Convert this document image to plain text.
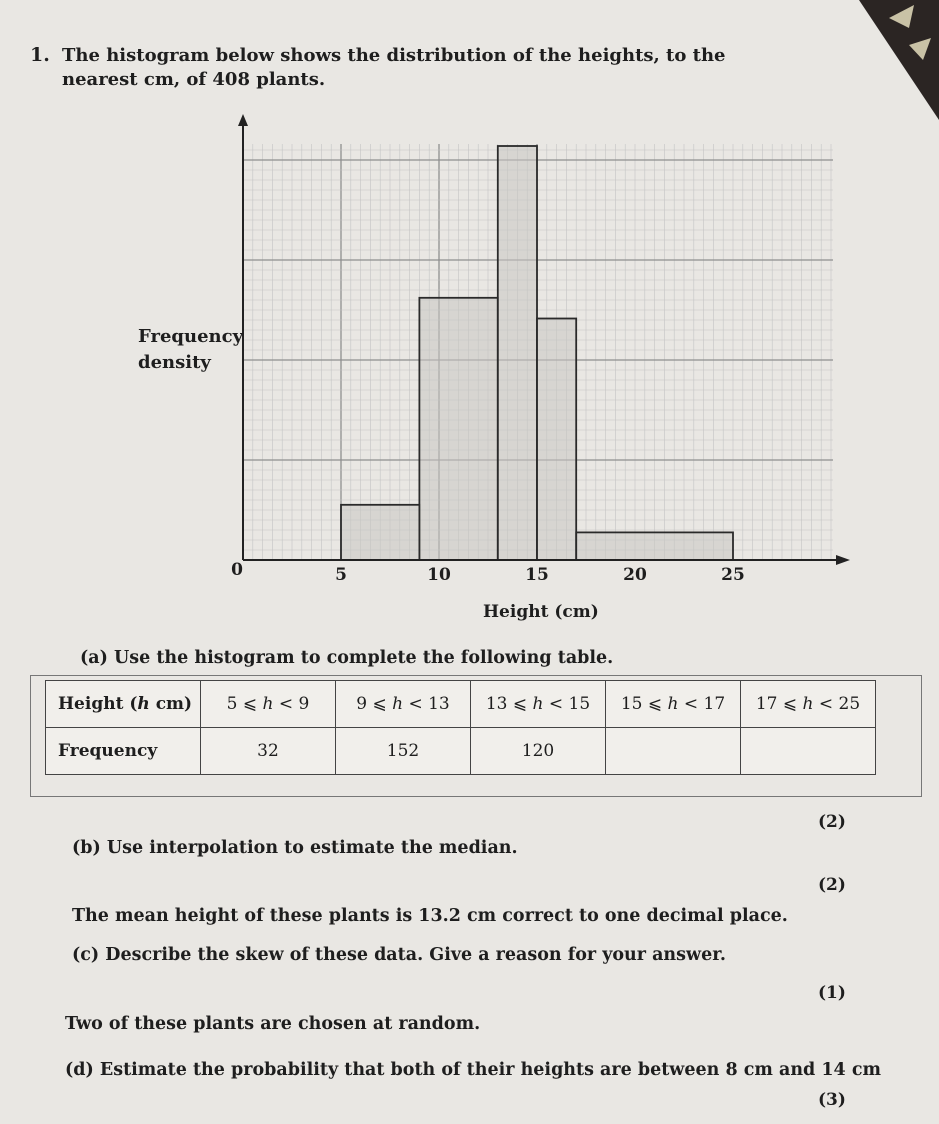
1. The histogram below shows the distribution of the heights, to the nearest cm, of 408 plants.
0	5	10	15	20	25
Frequency
density
Height (cm)
(a) Use the histogram to complete the following table.
Height (h cm)	5 ⩽ h < 9	9 ⩽ h < 13	13 ⩽ h < 15	15 ⩽ h < 17	17 ⩽ h < 25
Frequency	32	152	120		
(2)
(b) Use interpolation to estimate the median.
(2)
The mean height of these plants is 13.2 cm correct to one decimal place.
(c) Describe the skew of these data. Give a reason for your answer.
(1)
Two of these plants are chosen at random.
(d) Estimate the probability that both of their heights are between 8 cm and 14 cm
(3)
